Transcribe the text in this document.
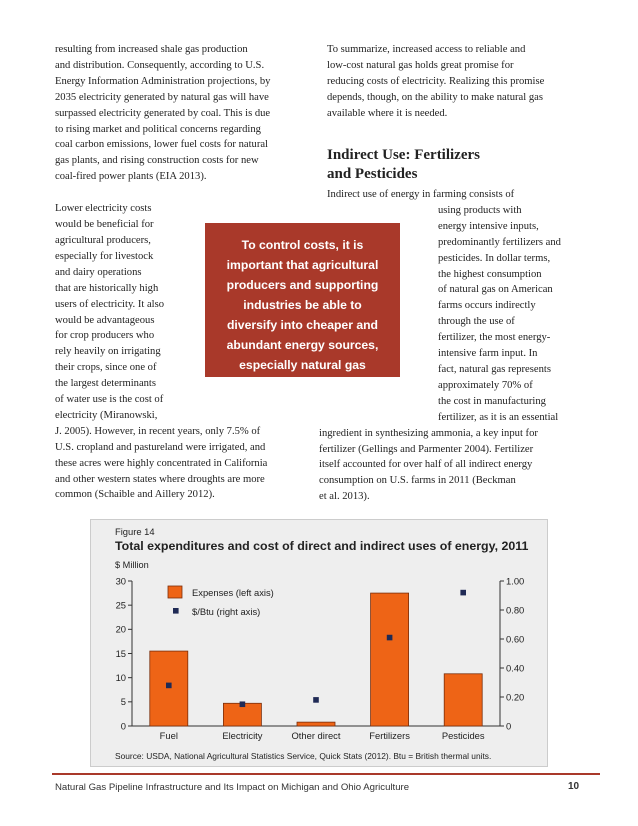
resulting from increased shale gas production
and distribution. Consequently, according to U.S.
Energy Information Administration projections, by
2035 electricity generated by natural gas will have
surpassed electricity generated by coal. This is due
to rising market and political concerns regarding
coal carbon emissions, lower fuel costs for natural
gas plants, and rising construction costs for new
coal-fired power plants (EIA 2013).

Lower electricity costs
would be beneficial for
agricultural producers,
especially for livestock
and dairy operations
that are historically high
users of electricity. It also
would be advantageous
for crop producers who
rely heavily on irrigating
their crops, since one of
the largest determinants
of water use is the cost of
electricity (Miranowski,
J. 2005). However, in recent years, only 7.5% of
U.S. cropland and pastureland were irrigated, and
these acres were highly concentrated in California
and other western states where droughts are more
common (Schaible and Aillery 2012).

To summarize, increased access to reliable and
low-cost natural gas holds great promise for
reducing costs of electricity. Realizing this promise
depends, though, on the ability to make natural gas
available where it is needed.

Indirect Use: Fertilizers
and Pesticides
Indirect use of energy in farming consists of
using products with
energy intensive inputs,
predominantly fertilizers and
pesticides. In dollar terms,
the highest consumption
of natural gas on American
farms occurs indirectly
through the use of
fertilizer, the most energy-
intensive farm input. In
fact, natural gas represents
approximately 70% of
the cost in manufacturing
fertilizer, as it is an essential
ingredient in synthesizing ammonia, a key input for
fertilizer (Gellings and Parmenter 2004). Fertilizer
itself accounted for over half of all indirect energy
consumption on U.S. farms in 2011 (Beckman
et al. 2013).
To control costs, it is
important that agricultural
producers and supporting
industries be able to
diversify into cheaper and
abundant energy sources,
especially natural gas
Figure 14
Total expenditures and cost of direct and indirect uses of energy, 2011
$ Million
0
5
10
15
20
25
30
0
0.20
0.40
0.60
0.80
1.00
Fuel	Electricity	Other direct	Fertilizers	Pesticides
Expenses (left axis)
$/Btu (right axis)
Source: USDA, National Agricultural Statistics Service, Quick Stats (2012). Btu = British thermal units.
Natural Gas Pipeline Infrastructure and Its Impact on Michigan and Ohio Agriculture	10
